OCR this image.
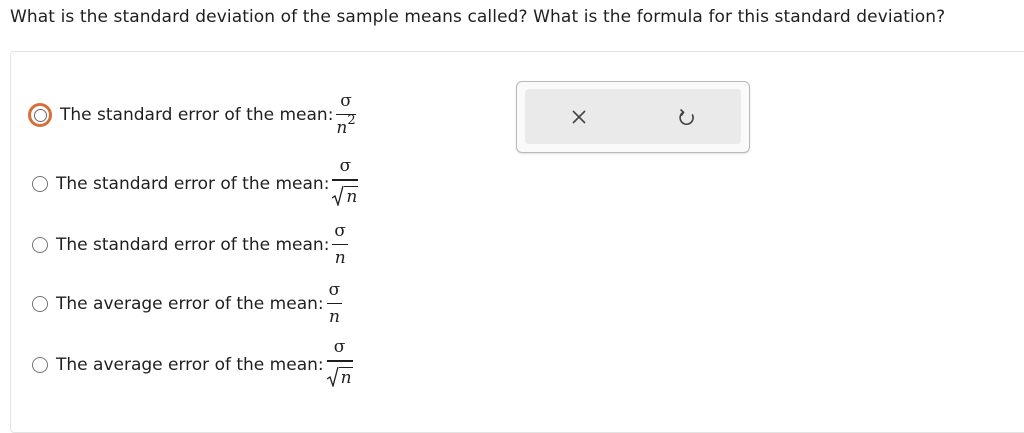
What is the standard deviation of the sample means called? What is the formula for this standard deviation?
The standard error of the mean: $\frac{\sigma}{n^2}$
The standard error of the mean: $\frac{\sigma}{n}$
The standard error of the mean: $\frac{\sigma}{n}$
The average error of the mean: $\frac{\sigma}{n}$
The average error of the mean: $\frac{\sigma}{n}$
